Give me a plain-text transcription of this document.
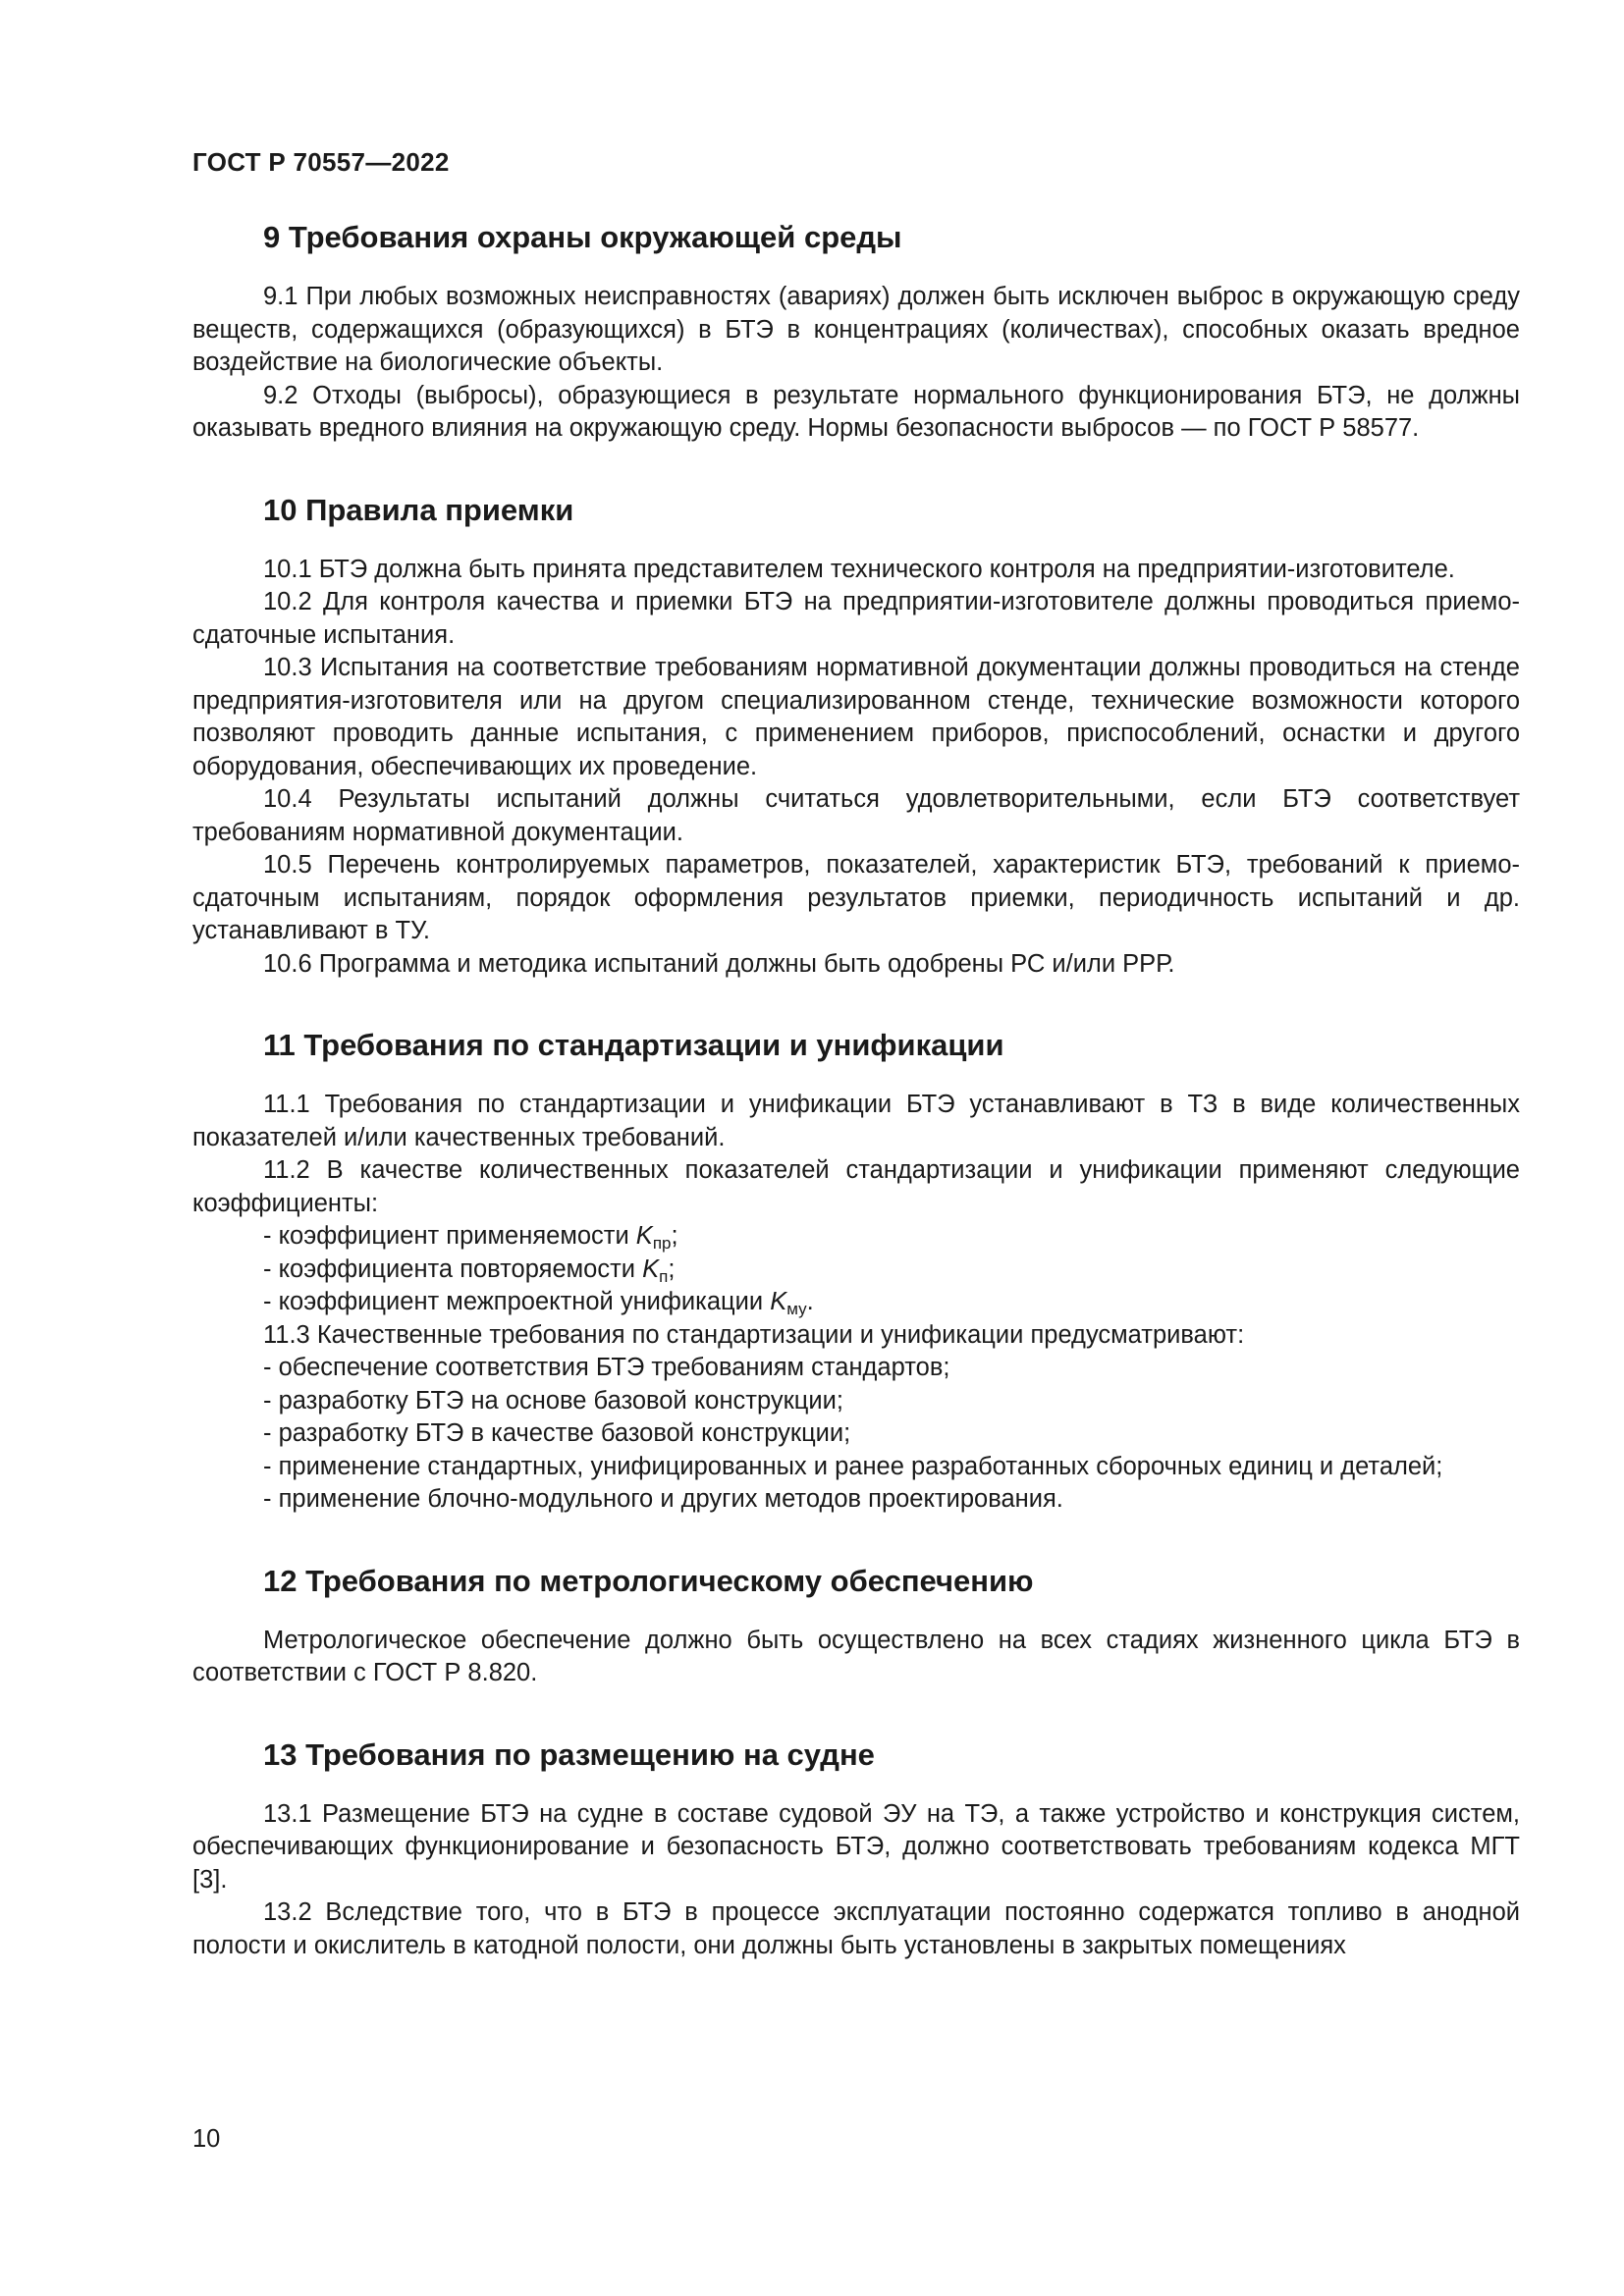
ГОСТ Р 70557—2022
9 Требования охраны окружающей среды

9.1 При любых возможных неисправностях (авариях) должен быть исключен выброс в окружающую среду веществ, содержащихся (образующихся) в БТЭ в концентрациях (количествах), способных оказать вредное воздействие на биологические объекты.

9.2 Отходы (выбросы), образующиеся в результате нормального функционирования БТЭ, не должны оказывать вредного влияния на окружающую среду. Нормы безопасности выбросов — по ГОСТ Р 58577.

10 Правила приемки

10.1 БТЭ должна быть принята представителем технического контроля на предприятии-изготовителе.

10.2 Для контроля качества и приемки БТЭ на предприятии-изготовителе должны проводиться приемо-сдаточные испытания.

10.3 Испытания на соответствие требованиям нормативной документации должны проводиться на стенде предприятия-изготовителя или на другом специализированном стенде, технические возможности которого позволяют проводить данные испытания, с применением приборов, приспособлений, оснастки и другого оборудования, обеспечивающих их проведение.

10.4 Результаты испытаний должны считаться удовлетворительными, если БТЭ соответствует требованиям нормативной документации.

10.5 Перечень контролируемых параметров, показателей, характеристик БТЭ, требований к приемо-сдаточным испытаниям, порядок оформления результатов приемки, периодичность испытаний и др. устанавливают в ТУ.

10.6 Программа и методика испытаний должны быть одобрены РС и/или РРР.

11 Требования по стандартизации и унификации

11.1 Требования по стандартизации и унификации БТЭ устанавливают в ТЗ в виде количественных показателей и/или качественных требований.

11.2 В качестве количественных показателей стандартизации и унификации применяют следующие коэффициенты:

- коэффициент применяемости $K_{пр}$;

- коэффициента повторяемости $K_п$;

- коэффициент межпроектной унификации $K_{му}$.

11.3 Качественные требования по стандартизации и унификации предусматривают:

- обеспечение соответствия БТЭ требованиям стандартов;

- разработку БТЭ на основе базовой конструкции;

- разработку БТЭ в качестве базовой конструкции;

- применение стандартных, унифицированных и ранее разработанных сборочных единиц и деталей;

- применение блочно-модульного и других методов проектирования.

12 Требования по метрологическому обеспечению

Метрологическое обеспечение должно быть осуществлено на всех стадиях жизненного цикла БТЭ в соответствии с ГОСТ Р 8.820.

13 Требования по размещению на судне

13.1 Размещение БТЭ на судне в составе судовой ЭУ на ТЭ, а также устройство и конструкция систем, обеспечивающих функционирование и безопасность БТЭ, должно соответствовать требованиям кодекса МГТ [3].

13.2 Вследствие того, что в БТЭ в процессе эксплуатации постоянно содержатся топливо в анодной полости и окислитель в катодной полости, они должны быть установлены в закрытых помещениях

10
